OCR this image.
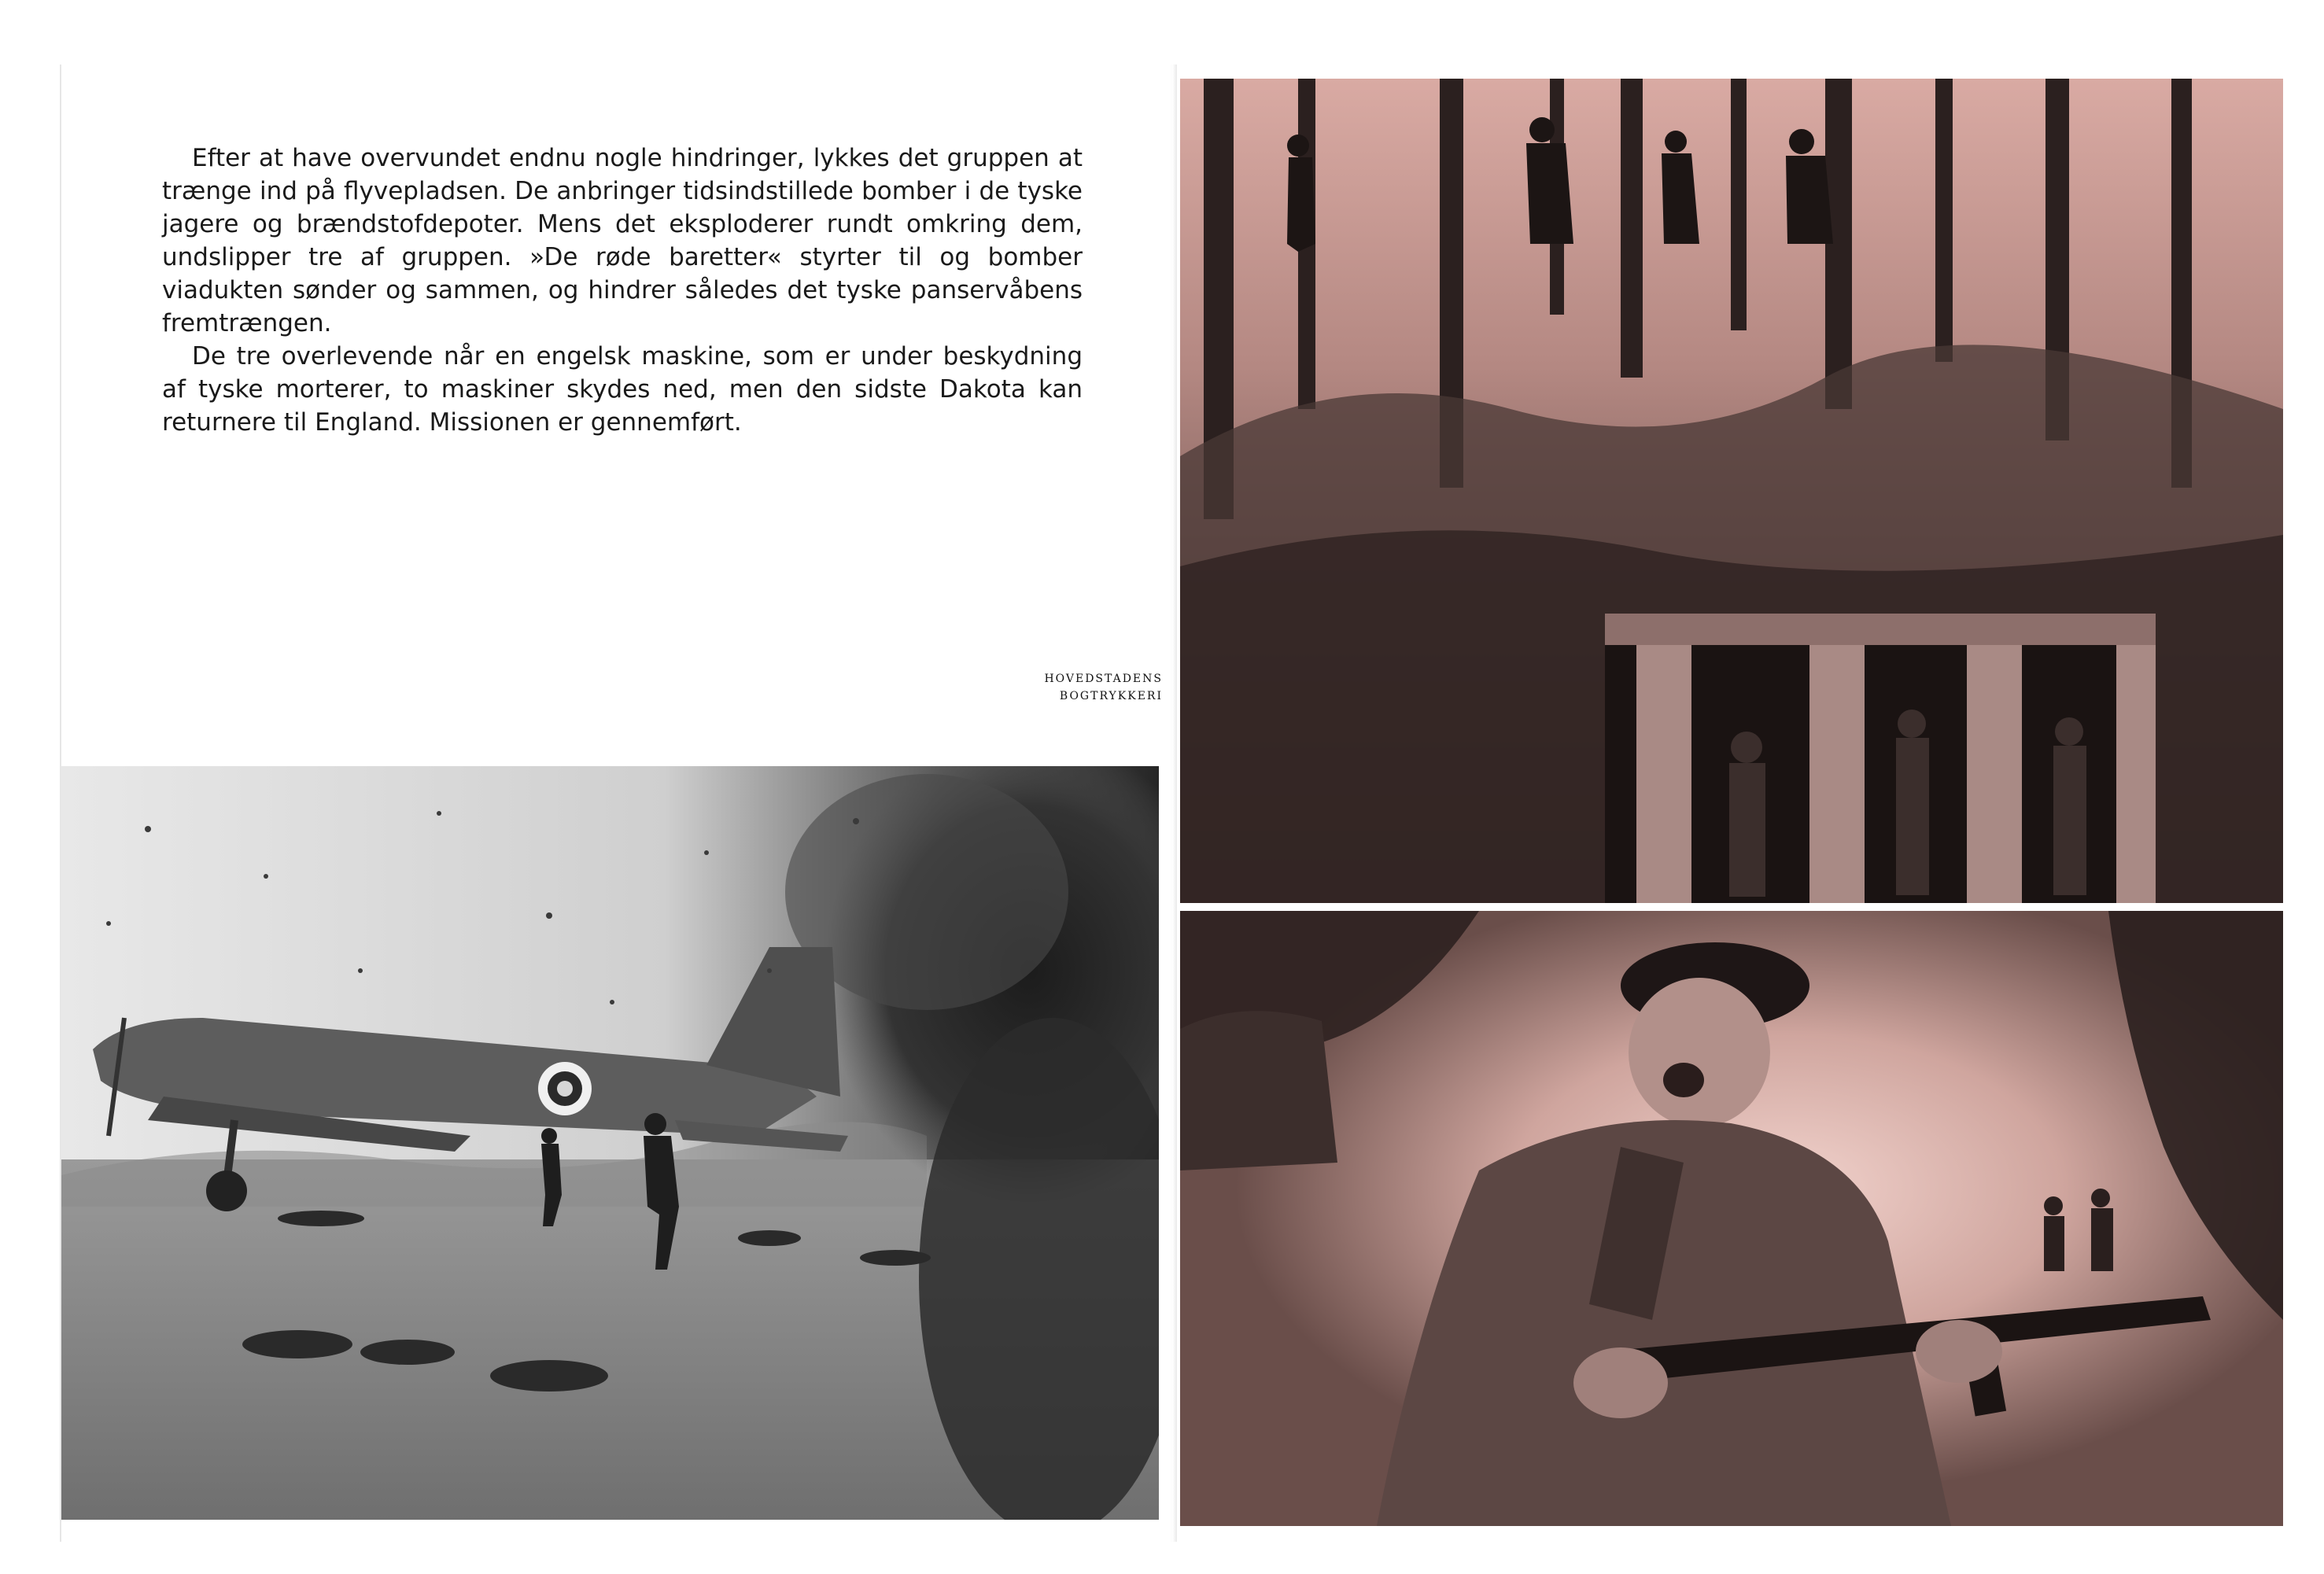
Efter at have overvundet endnu nogle hindringer, lykkes det gruppen at trænge ind på flyvepladsen. De anbringer tidsindstillede bomber i de tyske jagere og brændstofdepoter. Mens det eksploderer rundt omkring dem, undslipper tre af gruppen. »De røde baretter« styrter til og bomber viadukten sønder og sammen, og hindrer således det tyske panservåbens fremtrængen.

De tre overlevende når en engelsk maskine, som er under beskydning af tyske morterer, to maskiner skydes ned, men den sidste Dakota kan returnere til England. Missionen er gennemført.

HOVEDSTADENS
BOGTRYKKERI
